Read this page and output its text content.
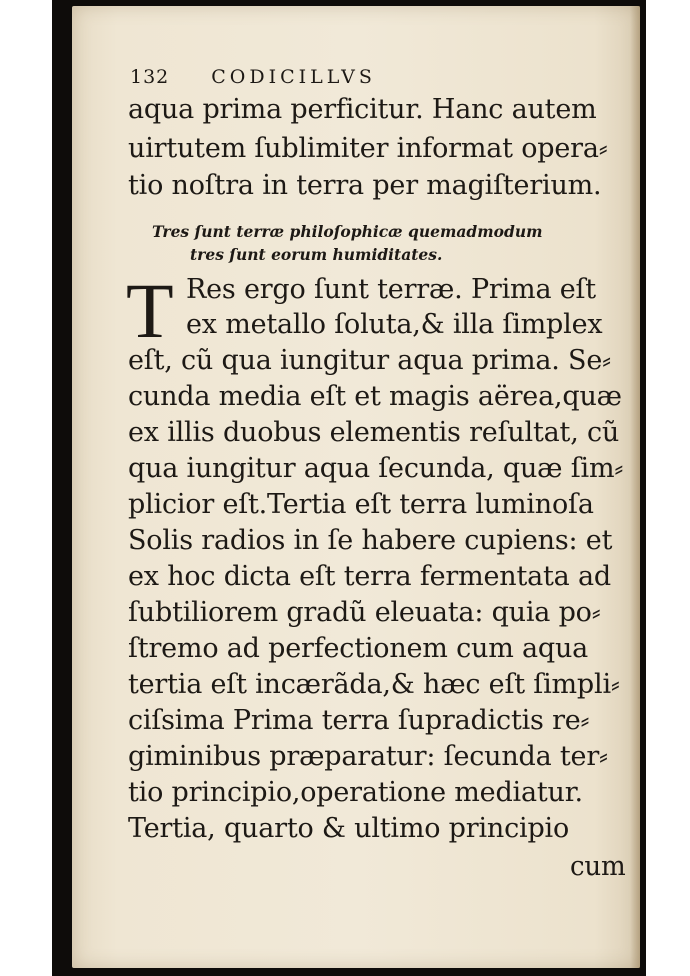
132 CODICILLVS
aqua prima perficitur. Hanc autem
uirtutem ſublimiter informat opera⸗
tio noſtra in terra per magiſterium.
Tres ſunt terræ philoſophicæ quemadmodum
tres ſunt eorum humiditates.
T Res ergo ſunt terræ. Prima eſt
ex metallo ſoluta,& illa ſimplex
eſt, cũ qua iungitur aqua prima. Se⸗
cunda media eſt et magis aërea,quæ
ex illis duobus elementis reſultat, cũ
qua iungitur aqua ſecunda, quæ ſim⸗
plicior eſt.Tertia eſt terra luminoſa
Solis radios in ſe habere cupiens: et
ex hoc dicta eſt terra fermentata ad
ſubtiliorem gradũ eleuata: quia po⸗
ſtremo ad perfectionem cum aqua
tertia eſt incærãda,& hæc eſt ſimpli⸗
ciſsima Prima terra ſupradictis re⸗
giminibus præparatur: ſecunda ter⸗
tio principio,operatione mediatur.
Tertia, quarto & ultimo principio
cum
